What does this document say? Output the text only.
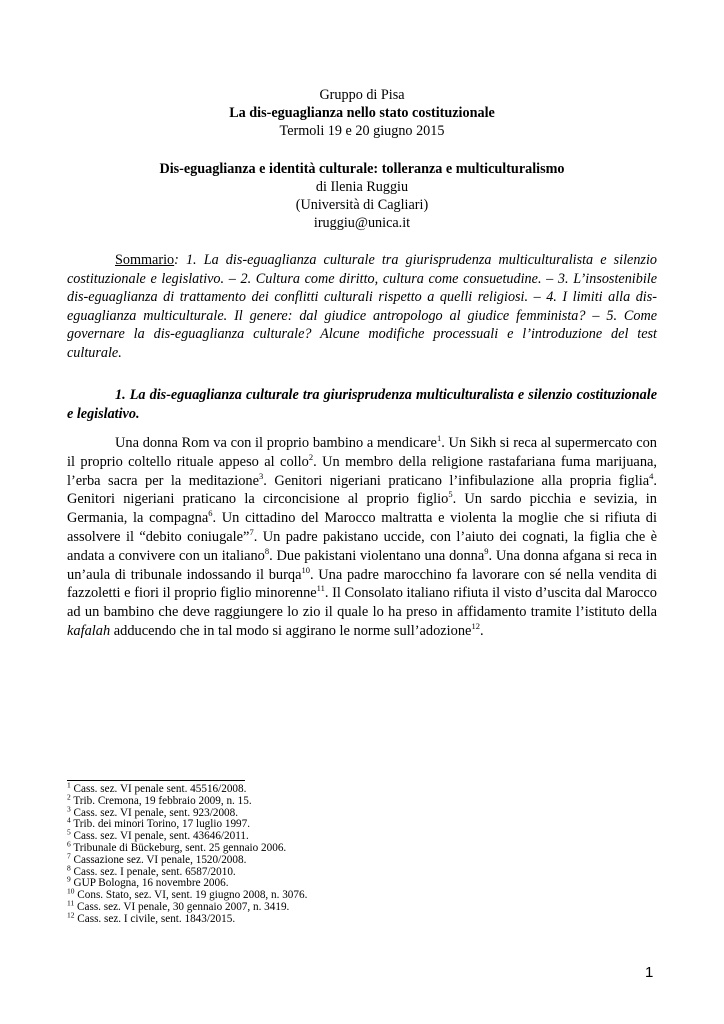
Gruppo di Pisa
La dis-eguaglianza nello stato costituzionale
Termoli 19 e 20 giugno 2015
Dis-eguaglianza e identità culturale: tolleranza e multiculturalismo
di Ilenia Ruggiu
(Università di Cagliari)
iruggiu@unica.it
Sommario: 1. La dis-eguaglianza culturale tra giurisprudenza multiculturalista e silenzio costituzionale e legislativo. – 2. Cultura come diritto, cultura come consuetudine. – 3. L’insostenibile dis-eguaglianza di trattamento dei conflitti culturali rispetto a quelli religiosi. – 4. I limiti alla dis-eguaglianza multiculturale. Il genere: dal giudice antropologo al giudice femminista? – 5. Come governare la dis-eguaglianza culturale? Alcune modifiche processuali e l’introduzione del test culturale.
1. La dis-eguaglianza culturale tra giurisprudenza multiculturalista e silenzio costituzionale e legislativo.
Una donna Rom va con il proprio bambino a mendicare$^1$. Un Sikh si reca al supermercato con il proprio coltello rituale appeso al collo$^2$. Un membro della religione rastafariana fuma marijuana, l’erba sacra per la meditazione$^3$. Genitori nigeriani praticano l’infibulazione alla propria figlia$^4$. Genitori nigeriani praticano la circoncisione al proprio figlio$^5$. Un sardo picchia e sevizia, in Germania, la compagna$^6$. Un cittadino del Marocco maltratta e violenta la moglie che si rifiuta di assolvere il “debito coniugale”$^7$. Un padre pakistano uccide, con l’aiuto dei cognati, la figlia che è andata a convivere con un italiano$^8$. Due pakistani violentano una donna$^9$. Una donna afgana si reca in un’aula di tribunale indossando il burqa$^{10}$. Una padre marocchino fa lavorare con sé nella vendita di fazzoletti e fiori il proprio figlio minorenne$^{11}$. Il Consolato italiano rifiuta il visto d’uscita dal Marocco ad un bambino che deve raggiungere lo zio il quale lo ha preso in affidamento tramite l’istituto della kafalah adducendo che in tal modo si aggirano le norme sull’adozione$^{12}$.
$^1$ Cass. sez. VI penale sent. 45516/2008.
$^2$ Trib. Cremona, 19 febbraio 2009, n. 15.
$^3$ Cass. sez. VI penale, sent. 923/2008.
$^4$ Trib. dei minori Torino, 17 luglio 1997.
$^5$ Cass. sez. VI penale, sent. 43646/2011.
$^6$ Tribunale di Bückeburg, sent. 25 gennaio 2006.
$^7$ Cassazione sez. VI penale, 1520/2008.
$^8$ Cass. sez. I penale, sent. 6587/2010.
$^9$ GUP Bologna, 16 novembre 2006.
$^{10}$ Cons. Stato, sez. VI, sent. 19 giugno 2008, n. 3076.
$^{11}$ Cass. sez. VI penale, 30 gennaio 2007, n. 3419.
$^{12}$ Cass. sez. I civile, sent. 1843/2015.
1
